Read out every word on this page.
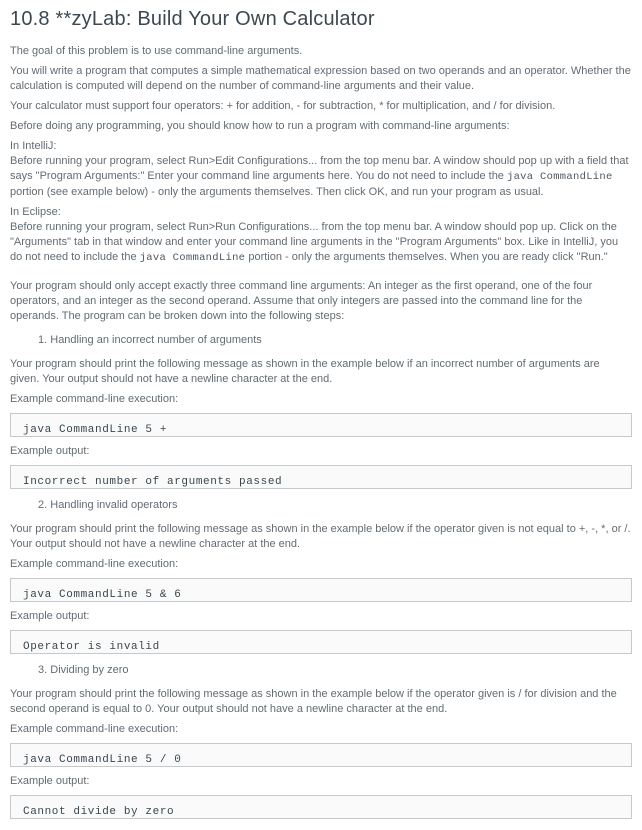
10.8 **zyLab: Build Your Own Calculator

The goal of this problem is to use command-line arguments.

You will write a program that computes a simple mathematical expression based on two operands and an operator. Whether the calculation is computed will depend on the number of command-line arguments and their value.

Your calculator must support four operators: + for addition, - for subtraction, * for multiplication, and / for division.

Before doing any programming, you should know how to run a program with command-line arguments:

In IntelliJ:
Before running your program, select Run>Edit Configurations... from the top menu bar. A window should pop up with a field that says "Program Arguments:" Enter your command line arguments here. You do not need to include the java CommandLine portion (see example below) - only the arguments themselves. Then click OK, and run your program as usual.

In Eclipse:
Before running your program, select Run>Run Configurations... from the top menu bar. A window should pop up. Click on the "Arguments" tab in that window and enter your command line arguments in the "Program Arguments" box. Like in IntelliJ, you do not need to include the java CommandLine portion - only the arguments themselves. When you are ready click "Run."

Your program should only accept exactly three command line arguments: An integer as the first operand, one of the four operators, and an integer as the second operand. Assume that only integers are passed into the command line for the operands. The program can be broken down into the following steps:

1. Handling an incorrect number of arguments

Your program should print the following message as shown in the example below if an incorrect number of arguments are given. Your output should not have a newline character at the end.

Example command-line execution:

java CommandLine 5 +

Example output:

Incorrect number of arguments passed
2. Handling invalid operators

Your program should print the following message as shown in the example below if the operator given is not equal to +, -, *, or /. Your output should not have a newline character at the end.

Example command-line execution:

java CommandLine 5 & 6

Example output:

Operator is invalid
3. Dividing by zero

Your program should print the following message as shown in the example below if the operator given is / for division and the second operand is equal to 0. Your output should not have a newline character at the end.

Example command-line execution:

java CommandLine 5 / 0

Example output:

Cannot divide by zero
